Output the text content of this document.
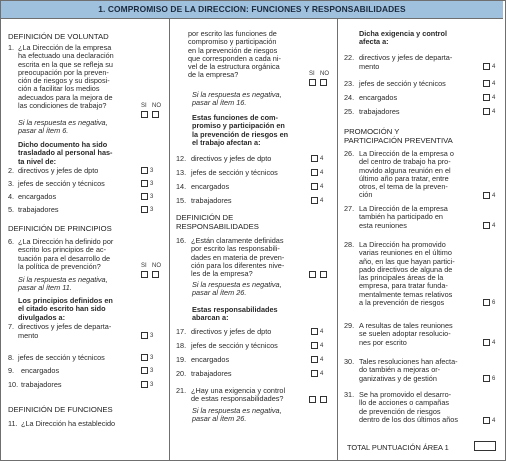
1. COMPROMISO DE LA DIRECCION: FUNCIONES Y RESPONSABILIDADES
DEFINICIÓN DE VOLUNTAD
1. ¿La Dirección de la empresa
ha efectuado una declaración
escrita en la que se refleja su
preocupación por la preven-
ción de riesgos y su disposi-
ción a facilitar los medios
adecuados para la mejora de
las condiciones de trabajo?	SI NO
Si la respuesta es negativa,
pasar al ítem 6.
Dicho documento ha sido
trasladado al personal has-
ta nivel de:
2. directivos y jefes de dpto	3
3. jefes de sección y técnicos	3
4. encargados	3
5. trabajadores	3
DEFINICIÓN DE PRINCIPIOS
6. ¿La Dirección ha definido por
escrito los principios de ac-
tuación para el desarrollo de
la política de prevención?	SI NO
Si la respuesta es negativa,
pasar al ítem 11.
Los principios definidos en
el citado escrito han sido
divulgados a:
7. directivos y jefes de departa-
mento	3
8. jefes de sección y técnicos	3
9. encargados	3
10. trabajadores	3
DEFINICIÓN DE FUNCIONES
11. ¿La Dirección ha establecido
por escrito las funciones de
compromiso y participación
en la prevención de riesgos
que corresponden a cada ni-
vel de la estructura orgánica
de la empresa?	SI NO
Si la respuesta es negativa,
pasar al ítem 16.
Estas funciones de com-
promiso y participación en
la prevención de riesgos en
el trabajo afectan a:
12. directivos y jefes de dpto	4
13. jefes de sección y técnicos	4
14. encargados	4
15. trabajadores	4
DEFINICIÓN DE
RESPONSABILIDADES
16. ¿Están claramente definidas
por escrito las responsabili-
dades en materia de preven-
ción para los diferentes nive-
les de la empresa?
Si la respuesta es negativa,
pasar al ítem 26.
Estas responsabilidades
abarcan a:
17. directivos y jefes de dpto	4
18. jefes de sección y técnicos	4
19. encargados	4
20. trabajadores	4
21. ¿Hay una exigencia y control
de estas responsabilidades?
Si la respuesta es negativa,
pasar al ítem 26.
Dicha exigencia y control
afecta a:
22. directivos y jefes de departa-
mento	4
23. jefes de sección y técnicos	4
24. encargados	4
25. trabajadores	4
PROMOCIÓN Y
PARTICIPACIÓN PREVENTIVA
26. La Dirección de la empresa o
del centro de trabajo ha pro-
movido alguna reunión en el
último año para tratar, entre
otros, el tema de la preven-
ción	4
27. La Dirección de la empresa
también ha participado en
esta reuniones	4
28. La Dirección ha promovido
varias reuniones en el último
año, en las que hayan partici-
pado directivos de alguna de
las principales áreas de la
empresa, para tratar funda-
mentalmente temas relativos
a la prevención de riesgos	6
29. A resultas de tales reuniones
se suelen adoptar resolucio-
nes por escrito	4
30. Tales resoluciones han afecta-
do también a mejoras or-
ganizativas y de gestión	6
31. Se ha promovido el desarro-
llo de acciones o campañas
de prevención de riesgos
dentro de los dos últimos años	4
TOTAL PUNTUACIÓN ÁREA 1
